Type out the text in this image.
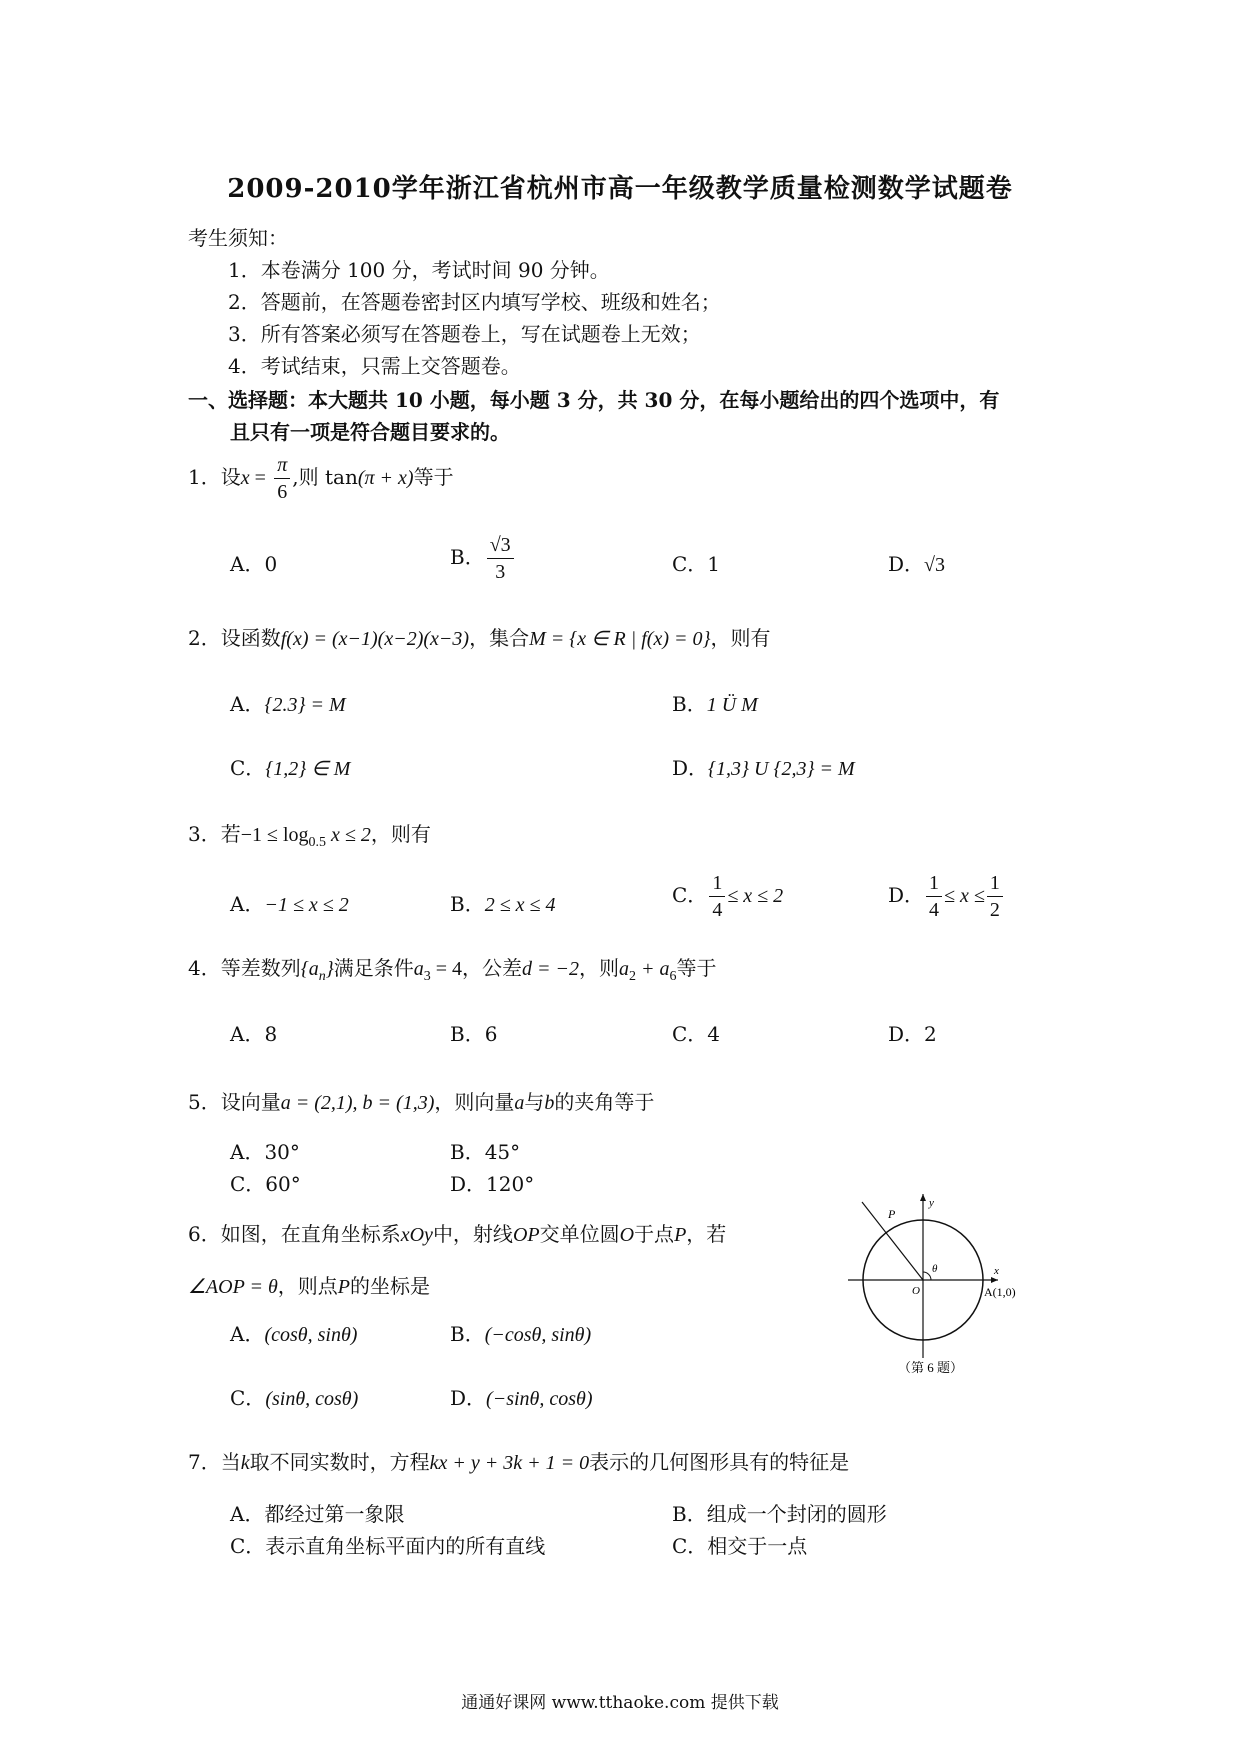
2009-2010学年浙江省杭州市高一年级教学质量检测数学试题卷
考生须知：
1．本卷满分 100 分，考试时间 90 分钟。
2．答题前，在答题卷密封区内填写学校、班级和姓名；
3．所有答案必须写在答题卷上，写在试题卷上无效；
4．考试结束，只需上交答题卷。
一、选择题：本大题共 10 小题，每小题 3 分，共 30 分，在每小题给出的四个选项中，有
且只有一项是符合题目要求的。
1．设$x = \frac{\pi}{6}$ ,则 tan(π + x)等于
A．0	B． $\frac{√3}{3}$	C．1	D．√3
2．设函数f(x) = (x−1)(x−2)(x−3)，集合M = {x ∈ R | f(x) = 0}，则有
A．{2.3} = M	B．1 Ü M
C．{1,2} ∈ M	D．{1,3} U {2,3} = M
3．若$-1 \le \log_{0.5} x \le 2$，则有
A．−1 ≤ x ≤ 2	B．2 ≤ x ≤ 4	C． $\frac{1}{4} \le x \le 2$	D． $\frac{1}{4} \le x \le \frac{1}{2}$
4．等差数列$\{a_n\}$满足条件$a_3 = 4$，公差d = −2，则$a_2 + a_6$等于
A．8	B．6	C．4	D．2
5．设向量a = (2,1), b = (1,3)，则向量a与b的夹角等于
A．30°	B．45°
C．60°	D．120°
6．如图，在直角坐标系xOy中，射线OP交单位圆O于点P，若
∠AOP = θ，则点P的坐标是
A．(cosθ, sinθ)	B．(−cosθ, sinθ)
C．(sinθ, cosθ)	D．(−sinθ, cosθ)
P
y
x
O
θ
A(1,0)
（第 6 题）
7．当k取不同实数时，方程kx + y + 3k + 1 = 0表示的几何图形具有的特征是
A．都经过第一象限	B．组成一个封闭的圆形
C．表示直角坐标平面内的所有直线	C．相交于一点
通通好课网 www.tthaoke.com 提供下载
